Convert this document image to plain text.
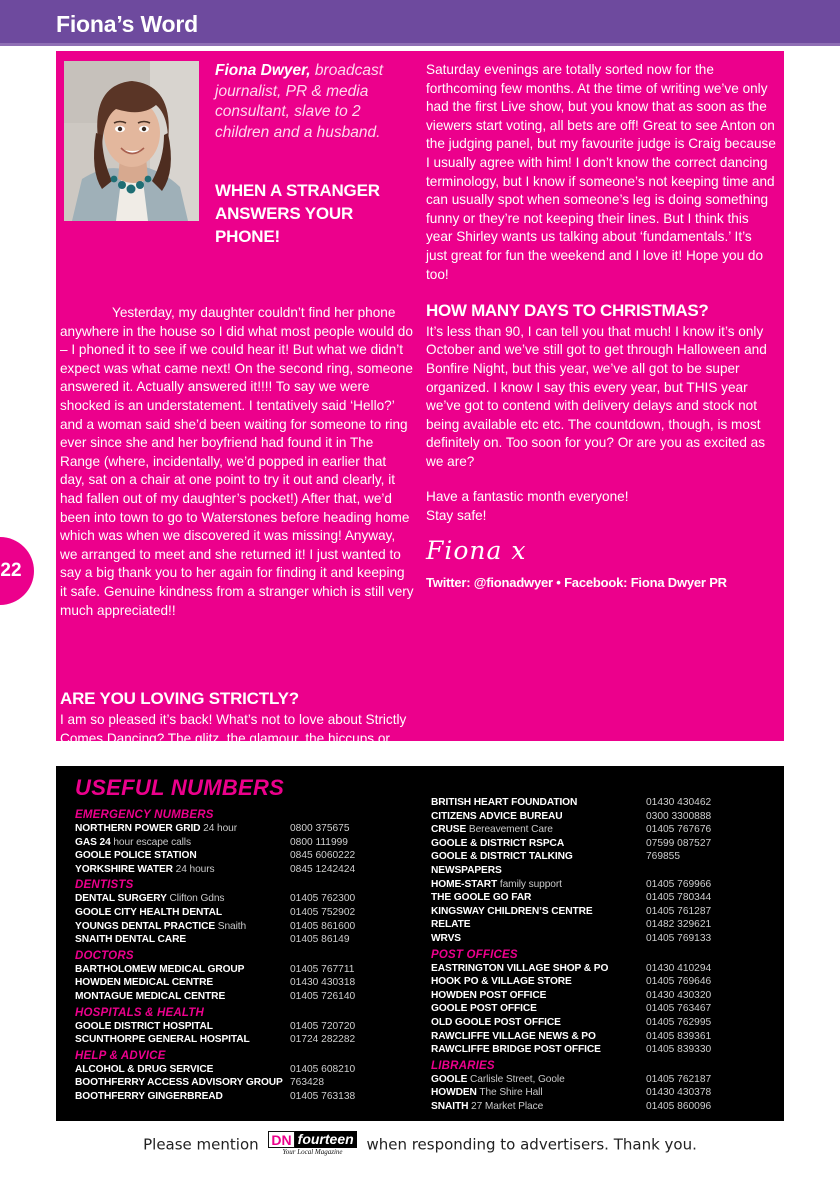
Fiona’s Word
Fiona Dwyer, broadcast journalist, PR & media consultant, slave to 2 children and a husband.
WHEN A STRANGER ANSWERS YOUR PHONE!

Yesterday, my daughter couldn’t find her phone anywhere in the house so I did what most people would do – I phoned it to see if we could hear it! But what we didn’t expect was what came next! On the second ring, someone answered it. Actually answered it!!!! To say we were shocked is an understatement. I tentatively said ‘Hello?’ and a woman said she’d been waiting for someone to ring ever since she and her boyfriend had found it in The Range (where, incidentally, we’d popped in earlier that day, sat on a chair at one point to try it out and clearly, it had fallen out of my daughter’s pocket!) After that, we’d been into town to go to Waterstones before heading home which was when we discovered it was missing! Anyway, we arranged to meet and she returned it! I just wanted to say a big thank you to her again for finding it and keeping it safe. Genuine kindness from a stranger which is still very much appreciated!!

ARE YOU LOVING STRICTLY?
I am so pleased it’s back! What’s not to love about Strictly Comes Dancing? The glitz, the glamour, the hiccups or outright disaaaasters daaarling! My

Saturday evenings are totally sorted now for the forthcoming few months. At the time of writing we’ve only had the first Live show, but you know that as soon as the viewers start voting, all bets are off! Great to see Anton on the judging panel, but my favourite judge is Craig because I usually agree with him! I don’t know the correct dancing terminology, but I know if someone’s not keeping time and can usually spot when someone’s leg is doing something funny or they’re not keeping their lines. But I think this year Shirley wants us talking about ‘fundamentals.’ It’s just great for fun the weekend and I love it! Hope you do too!

HOW MANY DAYS TO CHRISTMAS?

It’s less than 90, I can tell you that much! I know it’s only October and we’ve still got to get through Halloween and Bonfire Night, but this year, we’ve all got to be super organized. I know I say this every year, but THIS year we’ve got to contend with delivery delays and stock not being available etc etc. The countdown, though, is most definitely on. Too soon for you? Or are you as excited as we are?

Have a fantastic month everyone!

Stay safe!

Fiona x
Twitter: @fionadwyer • Facebook: Fiona Dwyer PR
22
USEFUL NUMBERS
EMERGENCY NUMBERS
NORTHERN POWER GRID 24 hour	0800 375675
GAS 24 hour escape calls	0800 111999
GOOLE POLICE STATION	0845 6060222
YORKSHIRE WATER 24 hours	0845 1242424
DENTISTS
DENTAL SURGERY Clifton Gdns	01405 762300
GOOLE CITY HEALTH DENTAL	01405 752902
YOUNGS DENTAL PRACTICE Snaith	01405 861600
SNAITH DENTAL CARE	01405 86149
DOCTORS
BARTHOLOMEW MEDICAL GROUP	01405 767711
HOWDEN MEDICAL CENTRE	01430 430318
MONTAGUE MEDICAL CENTRE	01405 726140
HOSPITALS & HEALTH
GOOLE DISTRICT HOSPITAL	01405 720720
SCUNTHORPE GENERAL HOSPITAL	01724 282282
HELP & ADVICE
ALCOHOL & DRUG SERVICE	01405 608210
BOOTHFERRY ACCESS ADVISORY GROUP 763428
BOOTHFERRY GINGERBREAD	01405 763138
BRITISH HEART FOUNDATION	01430 430462
CITIZENS ADVICE BUREAU	0300 3300888
CRUSE Bereavement Care	01405 767676
GOOLE & DISTRICT RSPCA	07599 087527
GOOLE & DISTRICT TALKING NEWSPAPERS
769855
HOME-START family support	01405 769966
THE GOOLE GO FAR	01405 780344
KINGSWAY CHILDREN’S CENTRE	01405 761287
RELATE	01482 329621
WRVS	01405 769133
POST OFFICES
EASTRINGTON VILLAGE SHOP & PO	01430 410294
HOOK PO & VILLAGE STORE	01405 769646
HOWDEN POST OFFICE	01430 430320
GOOLE POST OFFICE	01405 763467
OLD GOOLE POST OFFICE	01405 762995
RAWCLIFFE VILLAGE NEWS & PO	01405 839361
RAWCLIFFE BRIDGE POST OFFICE	01405 839330
LIBRARIES
GOOLE Carlisle Street, Goole	01405 762187
HOWDEN The Shire Hall	01430 430378
SNAITH 27 Market Place	01405 860096
Please mention DN fourteen
Your Local Magazine	when responding to advertisers. Thank you.
